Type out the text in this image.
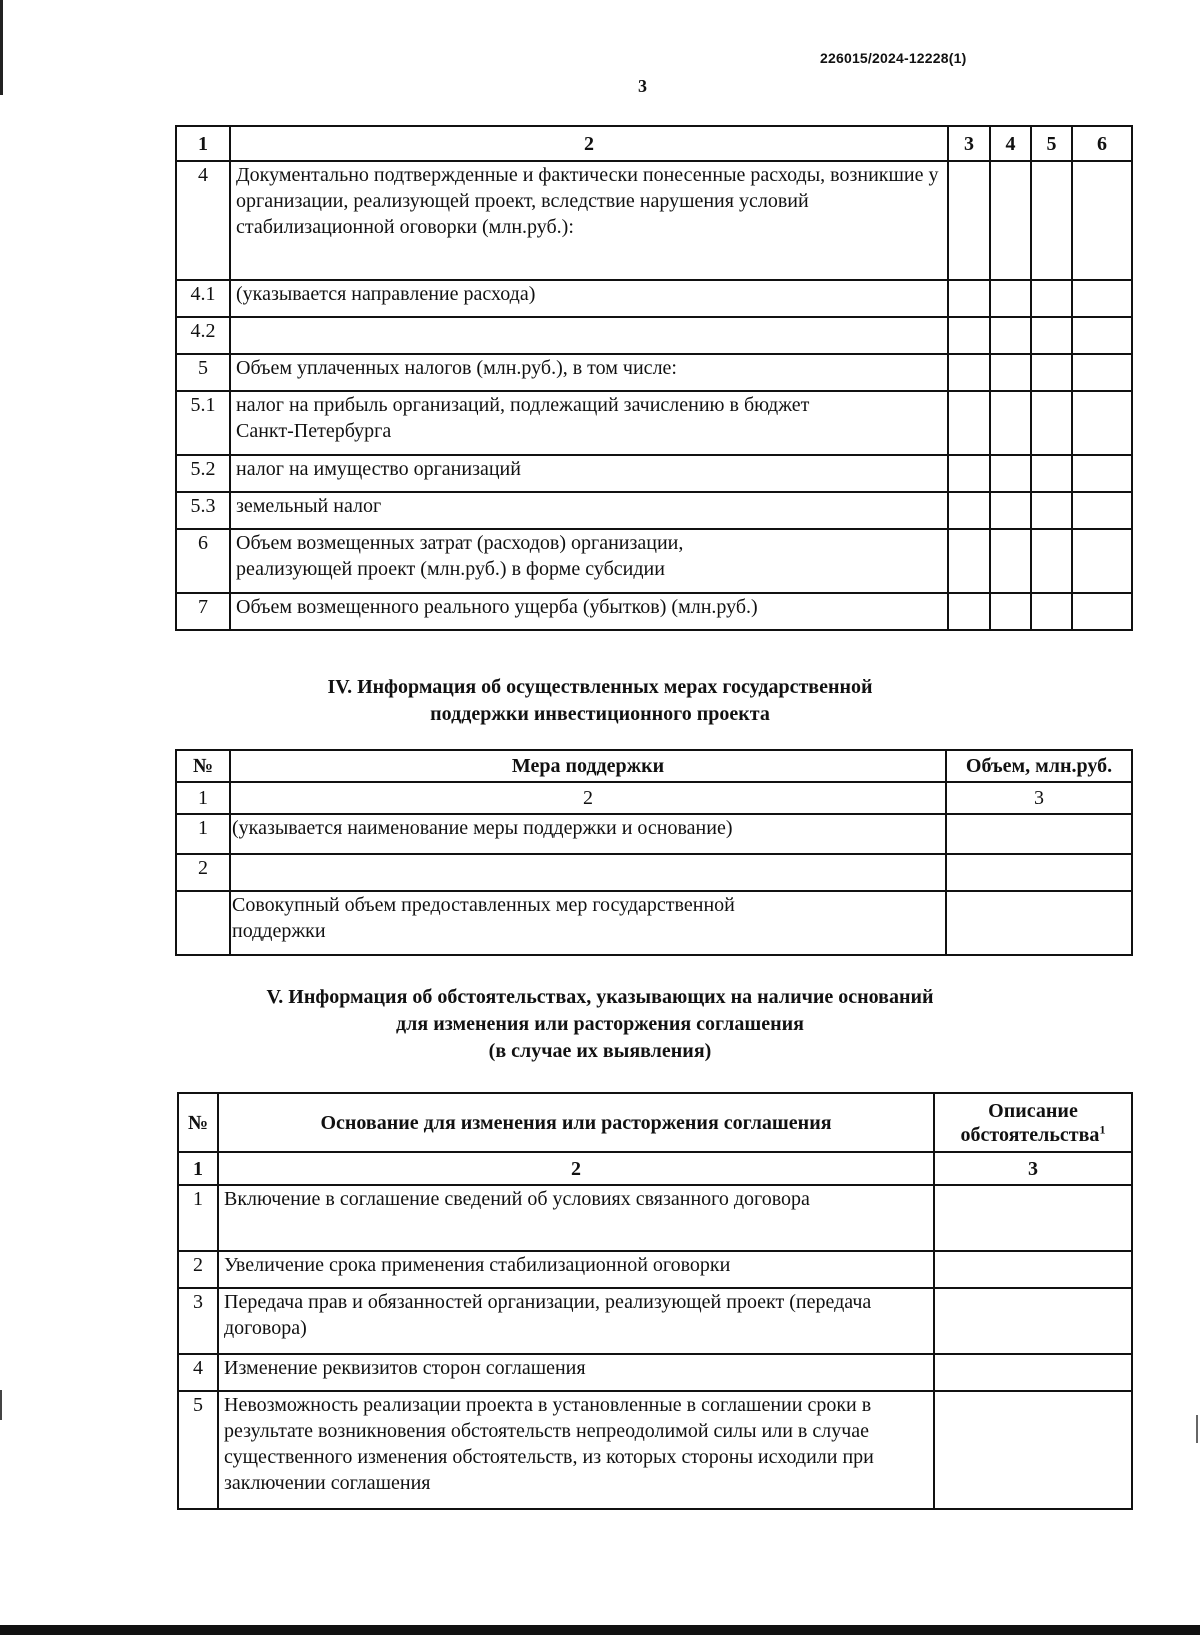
226015/2024-12228(1)
3
1	2	3	4	5	6
4	Документально подтвержденные и фактически понесенные расходы, возникшие у организации, реализующей проект, вследствие нарушения условий стабилизационной оговорки (млн.руб.):				
4.1	(указывается направление расхода)				
4.2					
5	Объем уплаченных налогов (млн.руб.), в том числе:				
5.1	налог на прибыль организаций, подлежащий зачислению в бюджет Санкт-Петербурга				
5.2	налог на имущество организаций				
5.3	земельный налог				
6	Объем возмещенных затрат (расходов) организации, реализующей проект (млн.руб.) в форме субсидии				
7	Объем возмещенного реального ущерба (убытков) (млн.руб.)				

IV. Информация об осуществленных мерах государственной

поддержки инвестиционного проекта

№	Мера поддержки	Объем, млн.руб.
1	2	3
1	(указывается наименование меры поддержки и основание)	
2		
	Совокупный объем предоставленных мер государственной поддержки	

V. Информация об обстоятельствах, указывающих на наличие оснований

для изменения или расторжения соглашения

(в случае их выявления)

№	Основание для изменения или расторжения соглашения	Описание
обстоятельства$^1$

1	2	3
1	Включение в соглашение сведений об условиях связанного договора	
2	Увеличение срока применения стабилизационной оговорки	
3	Передача прав и обязанностей организации, реализующей проект (передача договора)	
4	Изменение реквизитов сторон соглашения	
5	Невозможность реализации проекта в установленные в соглашении сроки в результате возникновения обстоятельств непреодолимой силы или в случае существенного изменения обстоятельств, из которых стороны исходили при заключении соглашения	
